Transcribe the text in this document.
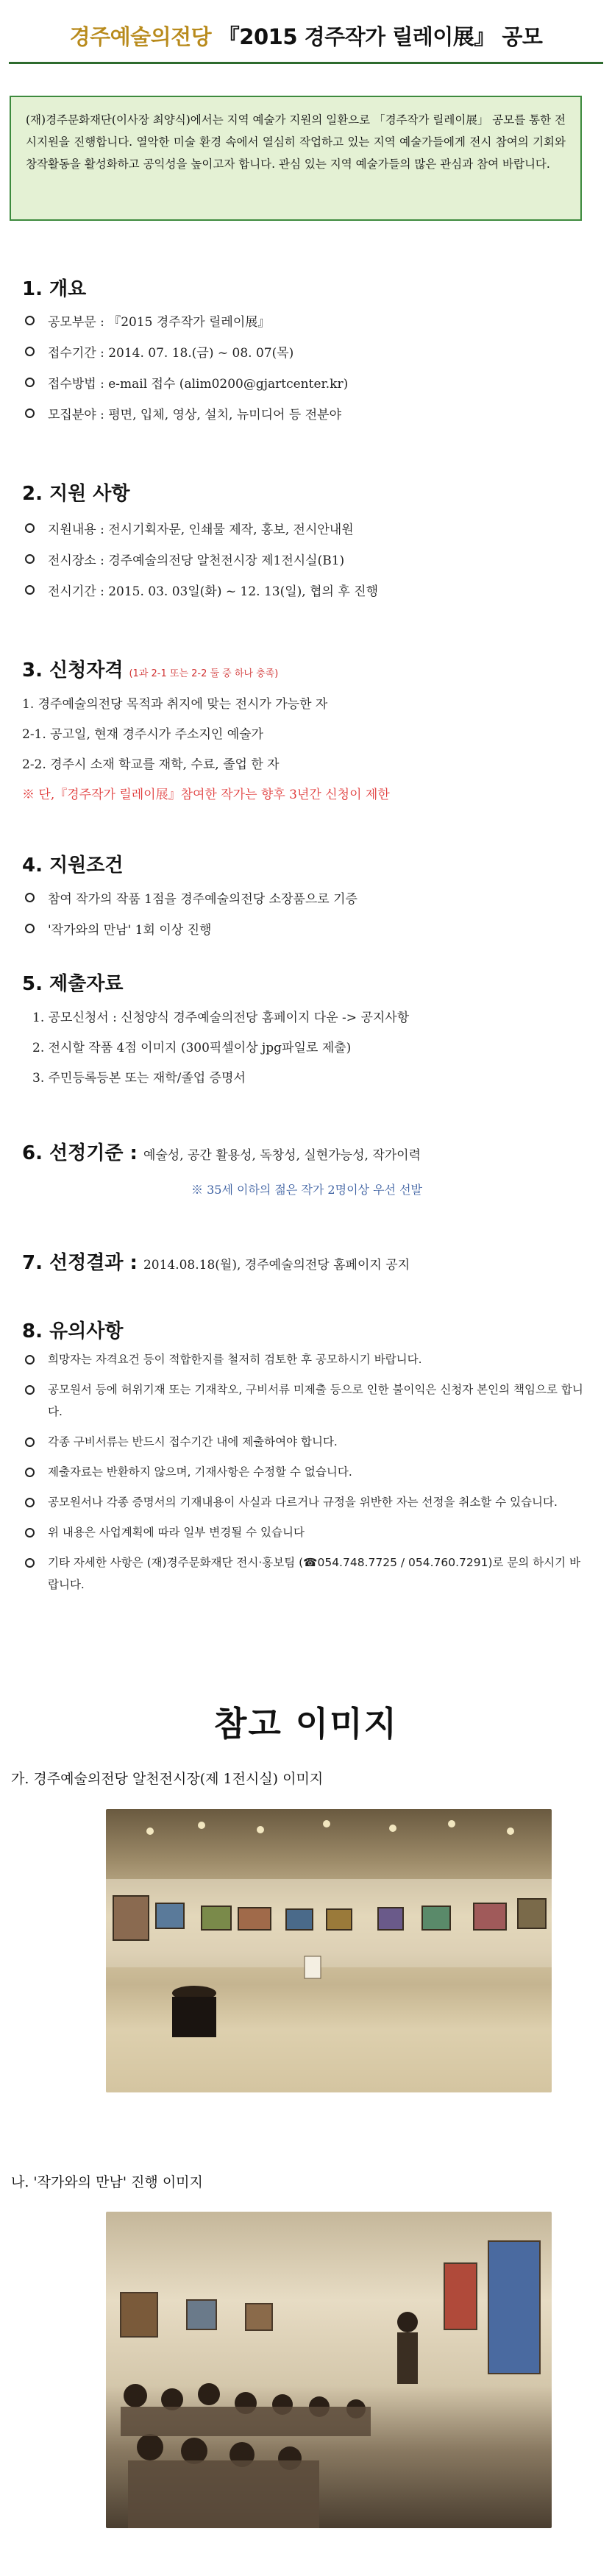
경주예술의전당 『2015 경주작가 릴레이展』 공모
(재)경주문화재단(이사장 최양식)에서는 지역 예술가 지원의 일환으로 「경주작가 릴레이展」 공모를 통한 전시지원을 진행합니다. 열악한 미술 환경 속에서 열심히 작업하고 있는 지역 예술가들에게 전시 참여의 기회와 창작활동을 활성화하고 공익성을 높이고자 합니다. 관심 있는 지역 예술가들의 많은 관심과 참여 바랍니다.
1. 개요
공모부문 : 『2015 경주작가 릴레이展』
접수기간 : 2014. 07. 18.(금) ~ 08. 07(목)
접수방법 : e-mail 접수 (alim0200@gjartcenter.kr)
모집분야 : 평면, 입체, 영상, 설치, 뉴미디어 등 전분야
2. 지원 사항
지원내용 : 전시기획자문, 인쇄물 제작, 홍보, 전시안내원
전시장소 : 경주예술의전당 알천전시장 제1전시실(B1)
전시기간 : 2015. 03. 03일(화) ~ 12. 13(일), 협의 후 진행
3. 신청자격 (1과 2-1 또는 2-2 둘 중 하나 충족)
1. 경주예술의전당 목적과 취지에 맞는 전시가 가능한 자
2-1. 공고일, 현재 경주시가 주소지인 예술가
2-2. 경주시 소재 학교를 재학, 수료, 졸업 한 자
※ 단,『경주작가 릴레이展』참여한 작가는 향후 3년간 신청이 제한
4. 지원조건
참여 작가의 작품 1점을 경주예술의전당 소장품으로 기증
'작가와의 만남' 1회 이상 진행
5. 제출자료
1. 공모신청서 : 신청양식 경주예술의전당 홈페이지 다운 -> 공지사항
2. 전시할 작품 4점 이미지 (300픽셀이상 jpg파일로 제출)
3. 주민등록등본 또는 재학/졸업 증명서
6. 선정기준 : 예술성, 공간 활용성, 독창성, 실현가능성, 작가이력
※ 35세 이하의 젊은 작가 2명이상 우선 선발
7. 선정결과 : 2014.08.18(월), 경주예술의전당 홈페이지 공지
8. 유의사항
희망자는 자격요건 등이 적합한지를 철저히 검토한 후 공모하시기 바랍니다.
공모원서 등에 허위기재 또는 기재착오, 구비서류 미제출 등으로 인한 불이익은 신청자 본인의 책임으로 합니다.
각종 구비서류는 반드시 접수기간 내에 제출하여야 합니다.
제출자료는 반환하지 않으며, 기재사항은 수정할 수 없습니다.
공모원서나 각종 증명서의 기재내용이 사실과 다르거나 규정을 위반한 자는 선정을 취소할 수 있습니다.
위 내용은 사업계획에 따라 일부 변경될 수 있습니다
기타 자세한 사항은 (재)경주문화재단 전시·홍보팀 (☎054.748.7725 / 054.760.7291)로 문의 하시기 바랍니다.
참고 이미지
가. 경주예술의전당 알천전시장(제 1전시실) 이미지
나. '작가와의 만남' 진행 이미지
